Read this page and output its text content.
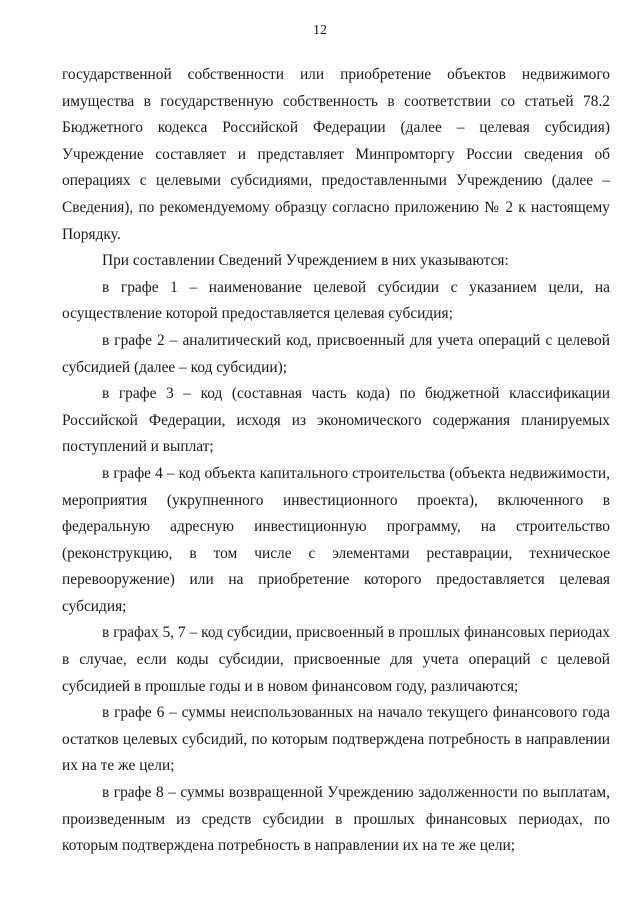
12

государственной собственности или приобретение объектов недвижимого имущества в государственную собственность в соответствии со статьей 78.2 Бюджетного кодекса Российской Федерации (далее – целевая субсидия) Учреждение составляет и представляет Минпромторгу России сведения об операциях с целевыми субсидиями, предоставленными Учреждению (далее – Сведения), по рекомендуемому образцу согласно приложению № 2 к настоящему Порядку.

При составлении Сведений Учреждением в них указываются:

в графе 1 – наименование целевой субсидии с указанием цели, на осуществление которой предоставляется целевая субсидия;

в графе 2 – аналитический код, присвоенный для учета операций с целевой субсидией (далее – код субсидии);

в графе 3 – код (составная часть кода) по бюджетной классификации Российской Федерации, исходя из экономического содержания планируемых поступлений и выплат;

в графе 4 – код объекта капитального строительства (объекта недвижимости, мероприятия (укрупненного инвестиционного проекта), включенного в федеральную адресную инвестиционную программу, на строительство (реконструкцию, в том числе с элементами реставрации, техническое перевооружение) или на приобретение которого предоставляется целевая субсидия;

в графах 5, 7 – код субсидии, присвоенный в прошлых финансовых периодах в случае, если коды субсидии, присвоенные для учета операций с целевой субсидией в прошлые годы и в новом финансовом году, различаются;

в графе 6 – суммы неиспользованных на начало текущего финансового года остатков целевых субсидий, по которым подтверждена потребность в направлении их на те же цели;

в графе 8 – суммы возвращенной Учреждению задолженности по выплатам, произведенным из средств субсидии в прошлых финансовых периодах, по которым подтверждена потребность в направлении их на те же цели;
